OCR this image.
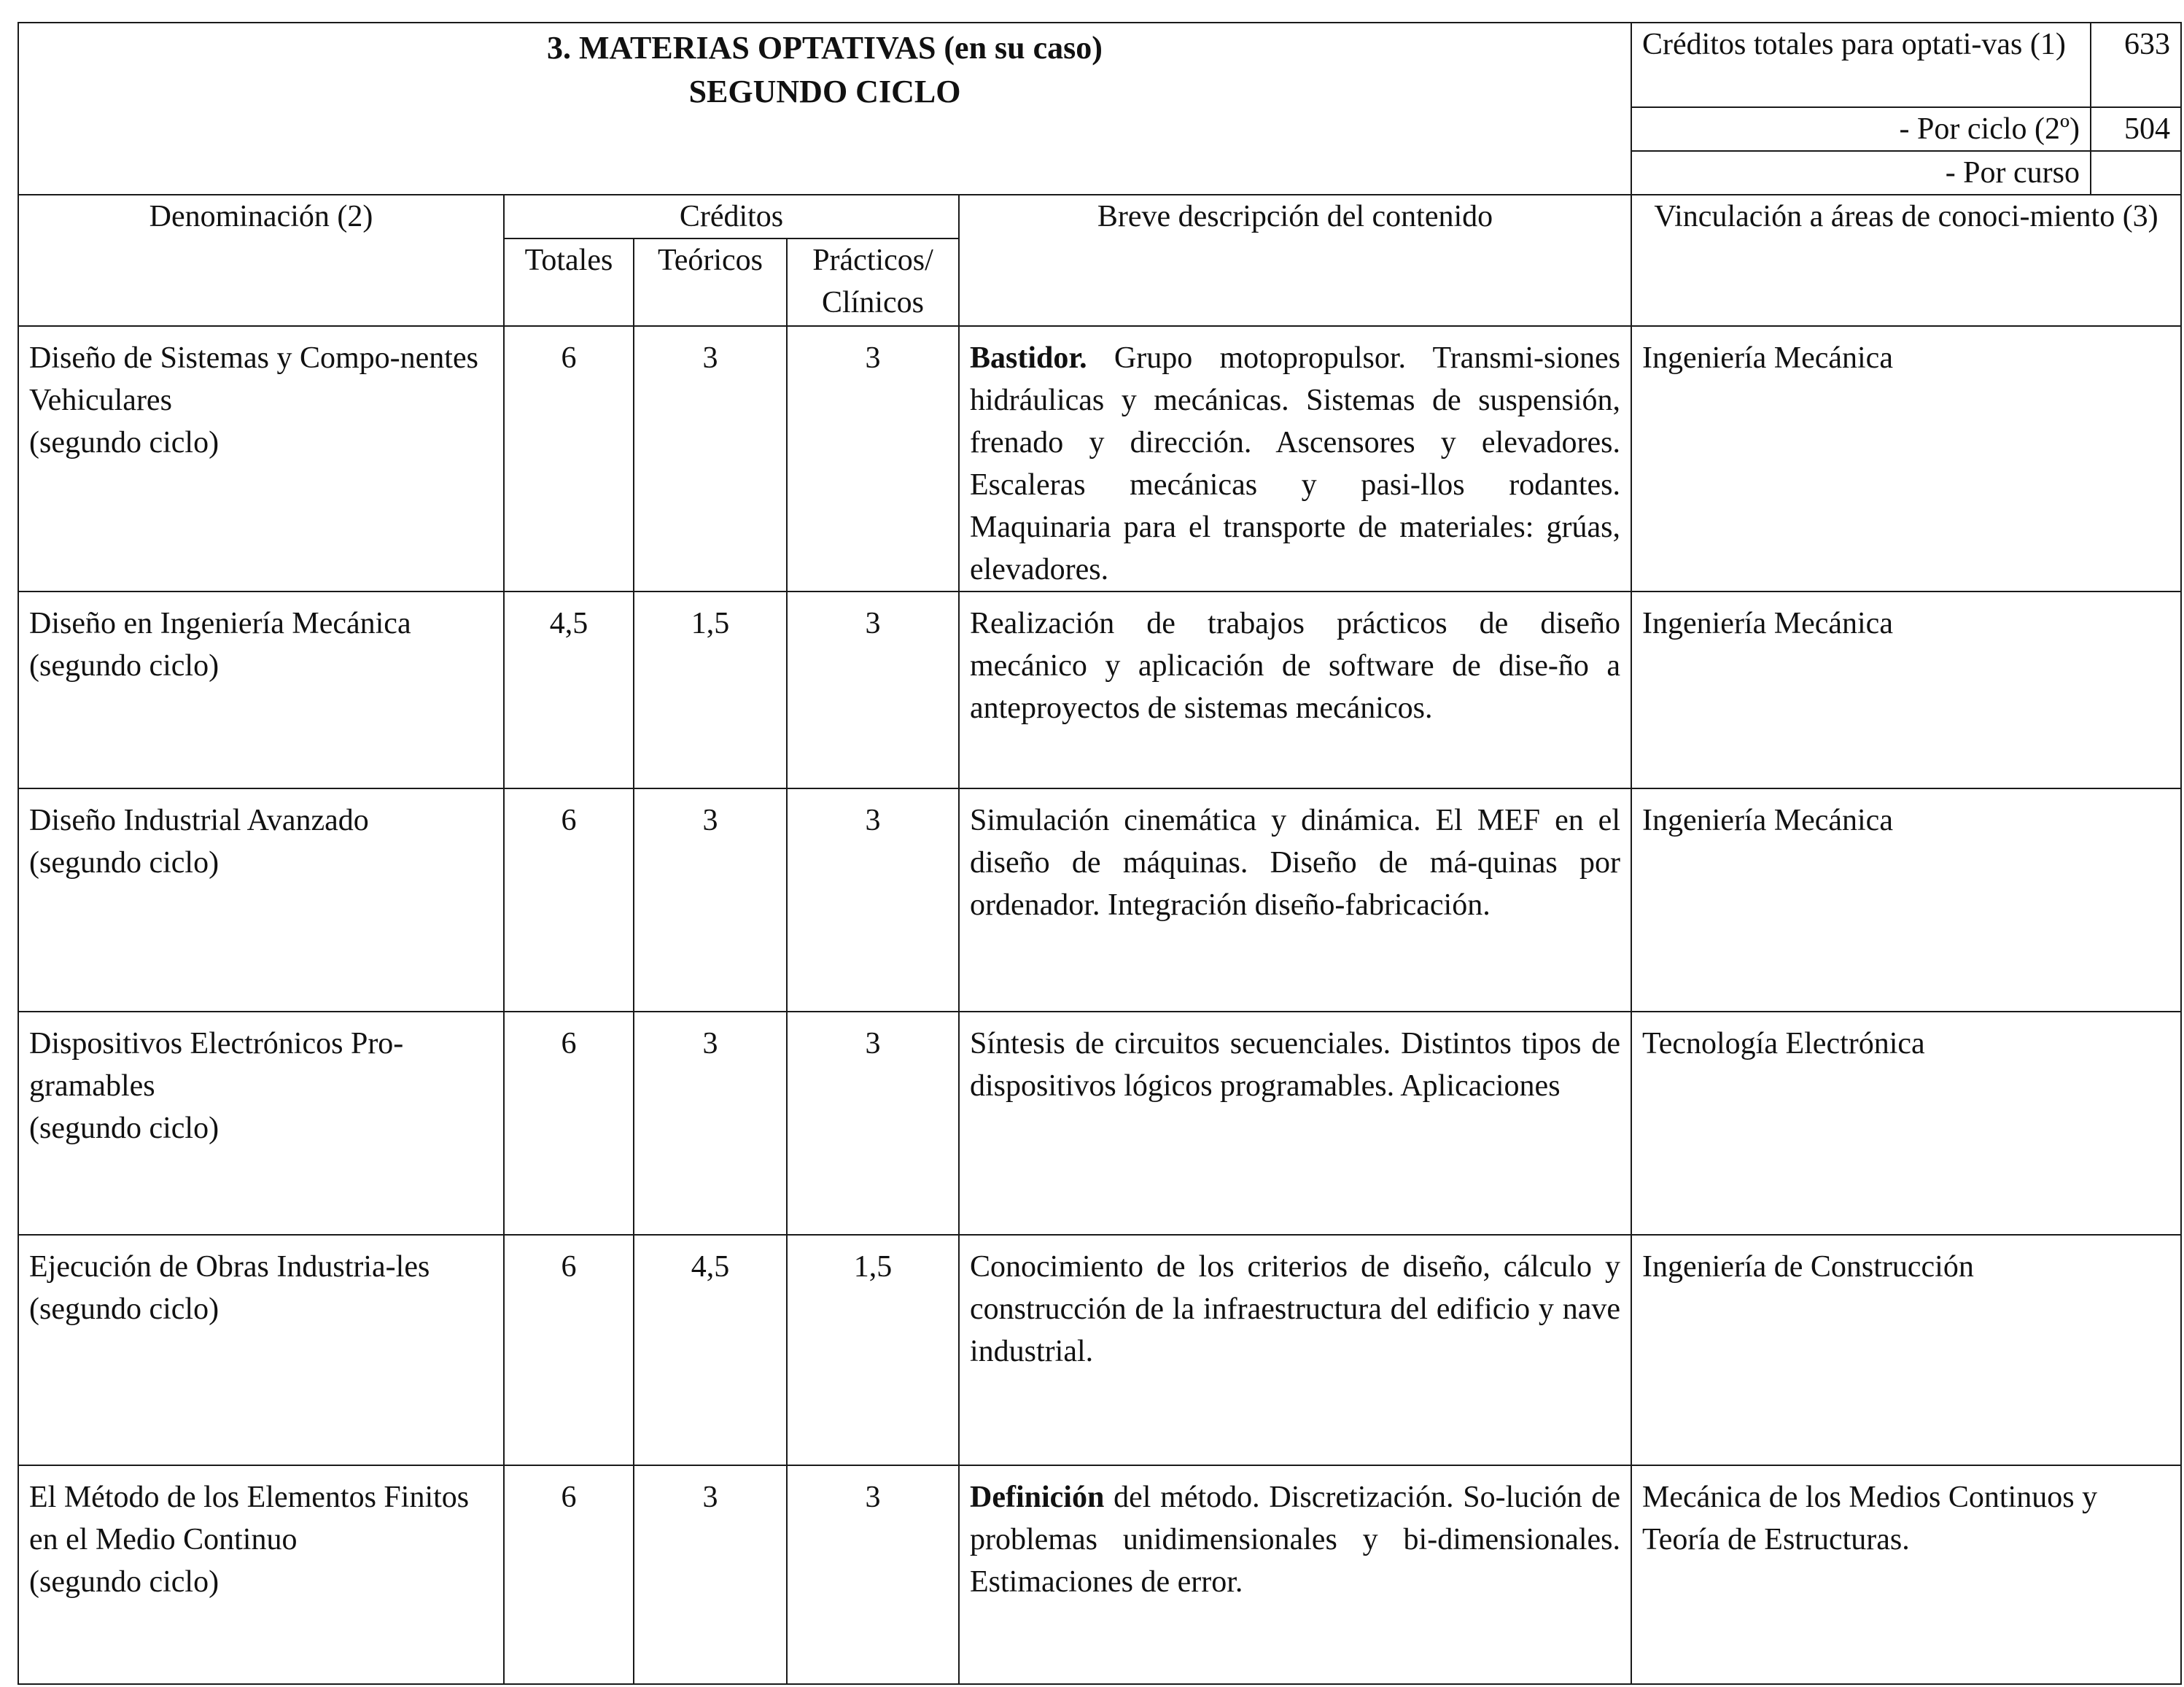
3. MATERIAS OPTATIVAS (en su caso)
SEGUNDO CICLO					Créditos totales para optati-vas (1)	633
					- Por ciclo (2º)	504
					- Por curso	
Denominación (2)	Créditos			Breve descripción del contenido	Vinculación a áreas de conoci-miento (3)	
	Totales	Teóricos	Prácticos/ Clínicos			

Diseño de Sistemas y Compo-nentes Vehiculares
(segundo ciclo)	6	3	3	Bastidor. Grupo motopropulsor. Transmi-siones hidráulicas y mecánicas. Sistemas de suspensión, frenado y dirección. Ascensores y elevadores. Escaleras mecánicas y pasi-llos rodantes. Maquinaria para el transporte de materiales: grúas, elevadores.	Ingeniería Mecánica	

Diseño en Ingeniería Mecánica
(segundo ciclo)	4,5	1,5	3	Realización de trabajos prácticos de diseño mecánico y aplicación de software de dise-ño a anteproyectos de sistemas mecánicos.	Ingeniería Mecánica	

Diseño Industrial Avanzado
(segundo ciclo)	6	3	3	Simulación cinemática y dinámica. El MEF en el diseño de máquinas. Diseño de má-quinas por ordenador. Integración diseño-fabricación.	Ingeniería Mecánica	

Dispositivos Electrónicos Pro-gramables
(segundo ciclo)	6	3	3	Síntesis de circuitos secuenciales. Distintos tipos de dispositivos lógicos programables. Aplicaciones	Tecnología Electrónica	

Ejecución de Obras Industria-les
(segundo ciclo)	6	4,5	1,5	Conocimiento de los criterios de diseño, cálculo y construcción de la infraestructura del edificio y nave industrial.	Ingeniería de Construcción	

El Método de los Elementos Finitos en el Medio Continuo
(segundo ciclo)	6	3	3	Definición del método. Discretización. So-lución de problemas unidimensionales y bi-dimensionales. Estimaciones de error.	Mecánica de los Medios Continuos y Teoría de Estructuras.	
